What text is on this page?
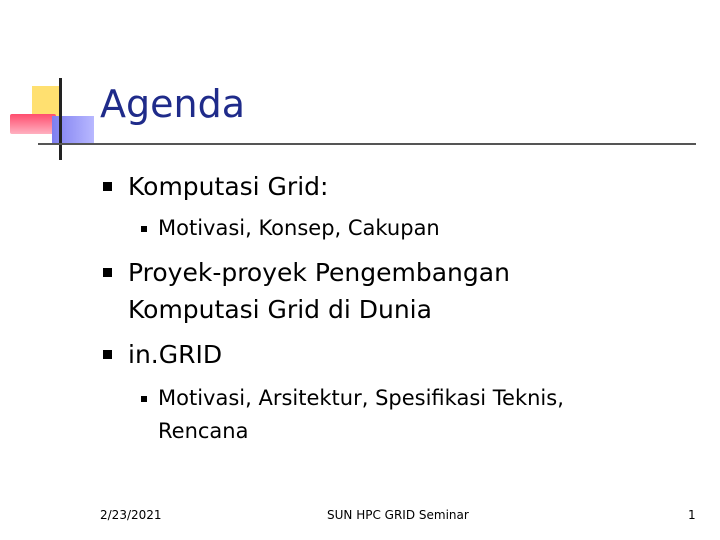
Agenda
Komputasi Grid:
Motivasi, Konsep, Cakupan
Proyek-proyek Pengembangan
Komputasi Grid di Dunia
in.GRID
Motivasi, Arsitektur, Spesifikasi Teknis,
Rencana
2/23/2021	SUN HPC GRID Seminar	1
